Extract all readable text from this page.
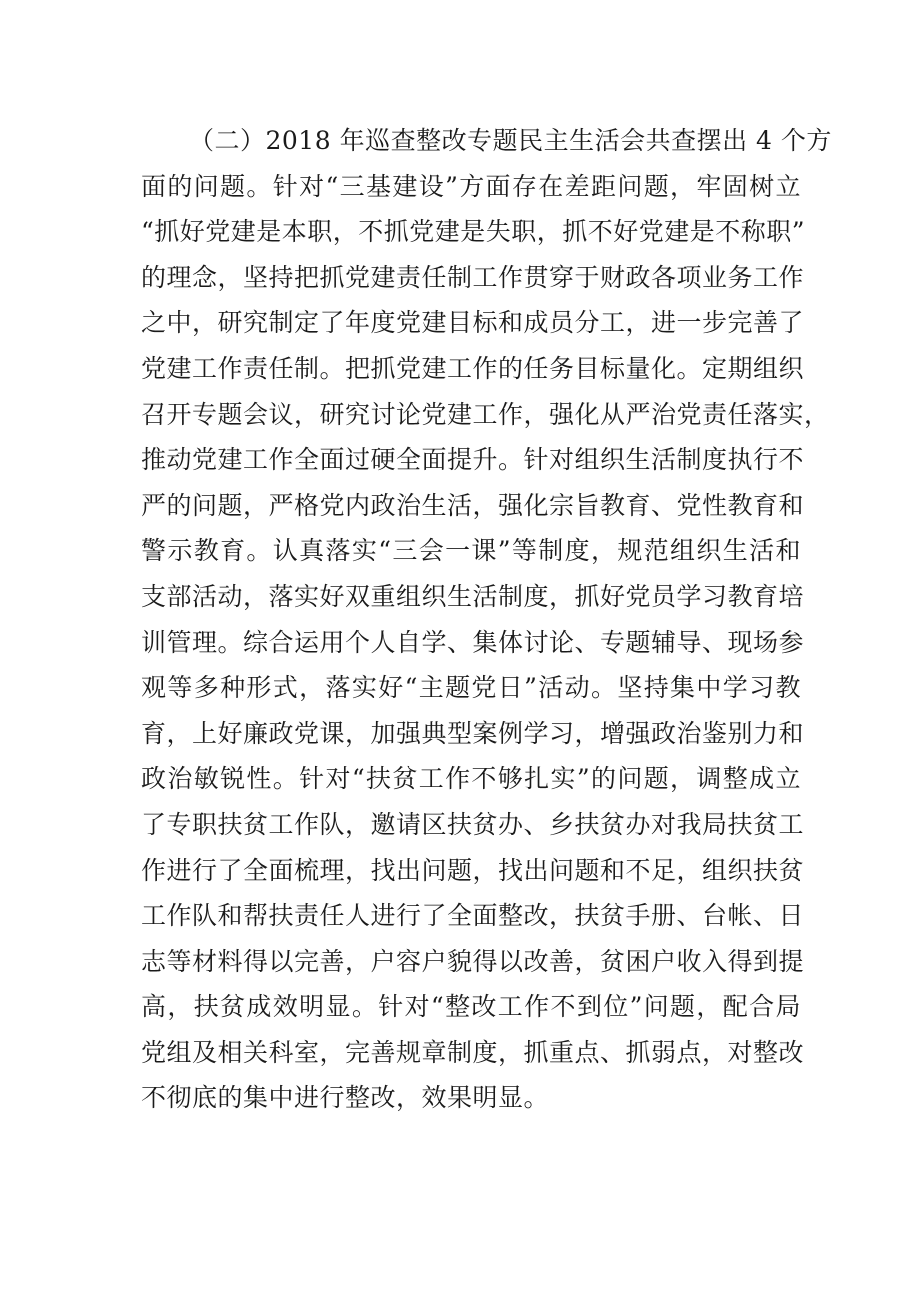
（二）2018 年巡查整改专题民主生活会共查摆出 4 个方
面的问题。针对“三基建设”方面存在差距问题，牢固树立
“抓好党建是本职，不抓党建是失职，抓不好党建是不称职”
的理念，坚持把抓党建责任制工作贯穿于财政各项业务工作
之中，研究制定了年度党建目标和成员分工，进一步完善了
党建工作责任制。把抓党建工作的任务目标量化。定期组织
召开专题会议，研究讨论党建工作，强化从严治党责任落实，
推动党建工作全面过硬全面提升。针对组织生活制度执行不
严的问题，严格党内政治生活，强化宗旨教育、党性教育和
警示教育。认真落实“三会一课”等制度，规范组织生活和
支部活动，落实好双重组织生活制度，抓好党员学习教育培
训管理。综合运用个人自学、集体讨论、专题辅导、现场参
观等多种形式，落实好“主题党日”活动。坚持集中学习教
育，上好廉政党课，加强典型案例学习，增强政治鉴别力和
政治敏锐性。针对“扶贫工作不够扎实”的问题，调整成立
了专职扶贫工作队，邀请区扶贫办、乡扶贫办对我局扶贫工
作进行了全面梳理，找出问题，找出问题和不足，组织扶贫
工作队和帮扶责任人进行了全面整改，扶贫手册、台帐、日
志等材料得以完善，户容户貌得以改善，贫困户收入得到提
高，扶贫成效明显。针对“整改工作不到位”问题，配合局
党组及相关科室，完善规章制度，抓重点、抓弱点，对整改
不彻底的集中进行整改，效果明显。
